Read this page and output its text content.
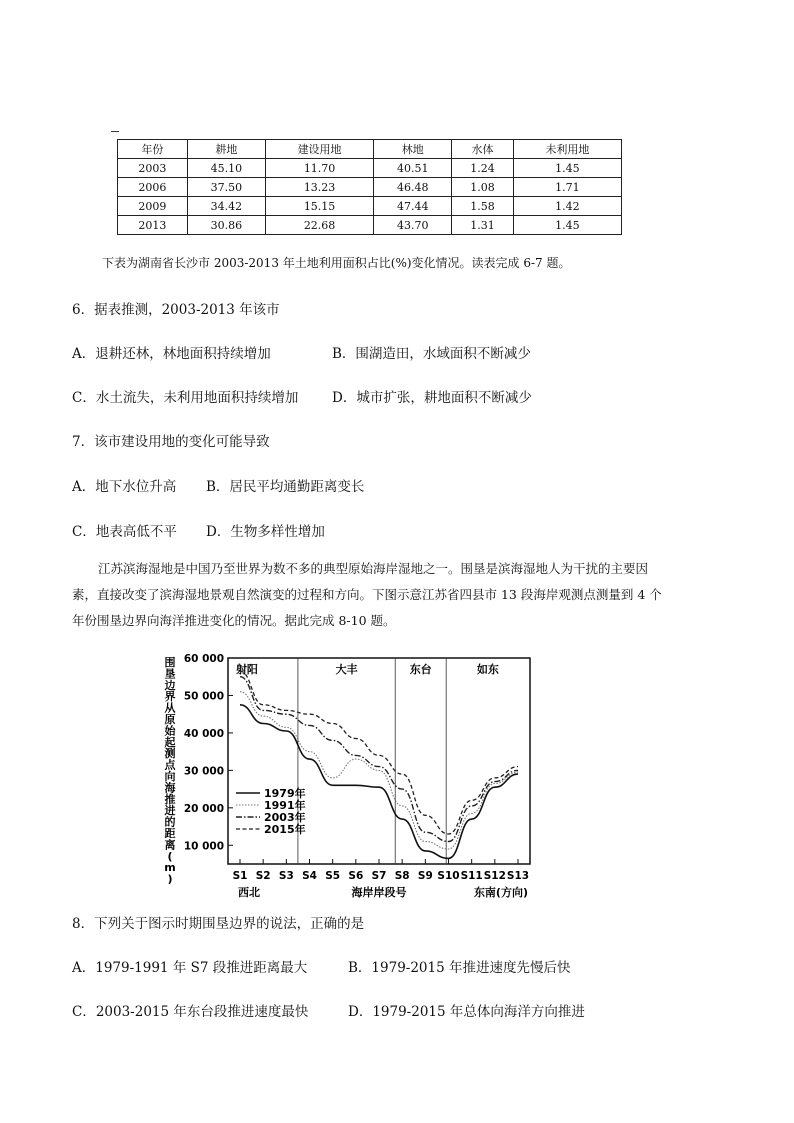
年份	耕地	建设用地	林地	水体	未利用地
2003	45.10	11.70	40.51	1.24	1.45
2006	37.50	13.23	46.48	1.08	1.71
2009	34.42	15.15	47.44	1.58	1.42
2013	30.86	22.68	43.70	1.31	1.45
下表为湖南省长沙市 2003-2013 年土地利用面积占比(%)变化情况。读表完成 6-7 题。
6．据表推测，2003-2013 年该市
A．退耕还林，林地面积持续增加	B．围湖造田，水域面积不断减少
C．水土流失，未利用地面积持续增加 D．城市扩张，耕地面积不断减少
7．该市建设用地的变化可能导致
A．地下水位升高 B．居民平均通勤距离变长
C．地表高低不平 D．生物多样性增加
江苏滨海湿地是中国乃至世界为数不多的典型原始海岸湿地之一。围垦是滨海湿地人为干扰的主要因
素，直接改变了滨海湿地景观自然演变的过程和方向。下图示意江苏省四县市 13 段海岸观测点测量到 4 个
年份围垦边界向海洋推进变化的情况。据此完成 8-10 题。
围
垦
边
界
从
原
始
起
测
点
向
海
推
进
的
距
离
(
m
)
60 000
50 000
40 000
30 000
20 000
10 000
S1 S2 S3 S4 S5 S6 S7 S8 S9 S10 S11 S12 S13
射阳	大丰	东台	如东
1979年
1991年
2003年
2015年
西北	海岸岸段号	东南(方向)
8．下列关于图示时期围垦边界的说法，正确的是
A．1979-1991 年 S7 段推进距离最大	B．1979-2015 年推进速度先慢后快
C．2003-2015 年东台段推进速度最快	D．1979-2015 年总体向海洋方向推进
